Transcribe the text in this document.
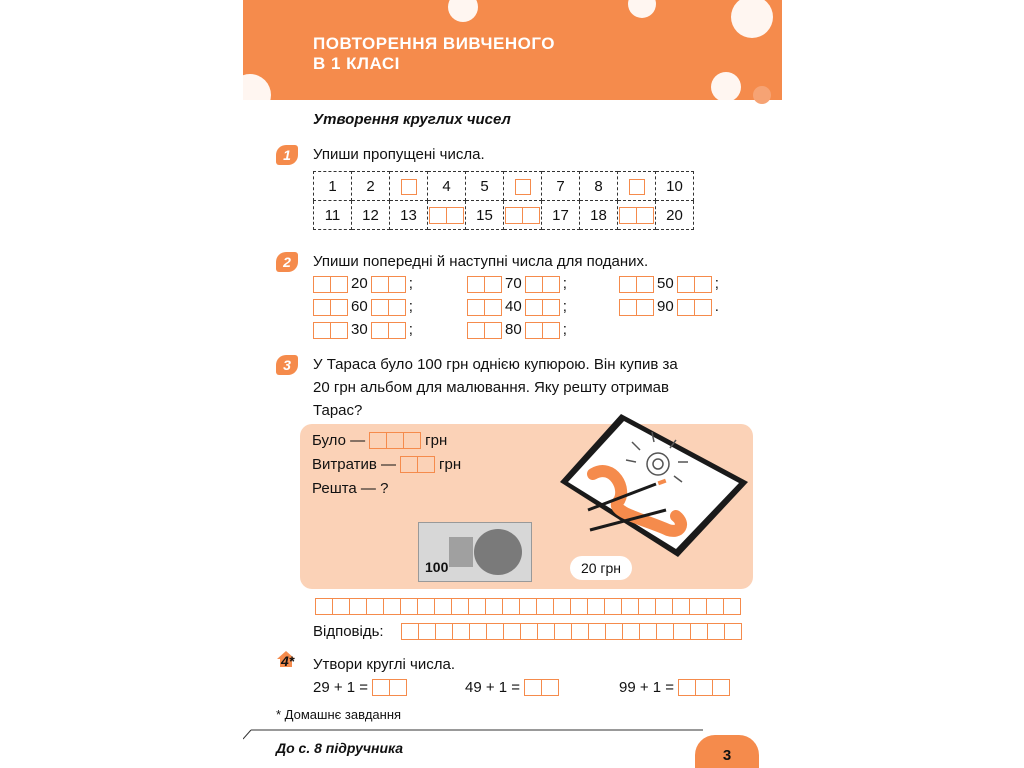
ПОВТОРЕННЯ ВИВЧЕНОГО
В 1 КЛАСІ
Утворення круглих чисел
1	Упиши пропущені числа.
1	2		4	5		7	8		10
11	12	13		15		17	18		20
2	Упиши попередні й наступні числа для поданих.
20	;	70	;	50	;
60	;	40	;	90	.
30	;	80	;
3	У Тараса було 100 грн однією купюрою. Він купив за
20 грн альбом для малювання. Яку решту отримав
Тарас?
Було —	грн
Витратив —	грн
Решта — ?
100	20 грн
Відповідь:
4* Утвори круглі числа.
29 + 1 =	49 + 1 =	99 + 1 =
* Домашнє завдання
До с. 8 підручника	3
